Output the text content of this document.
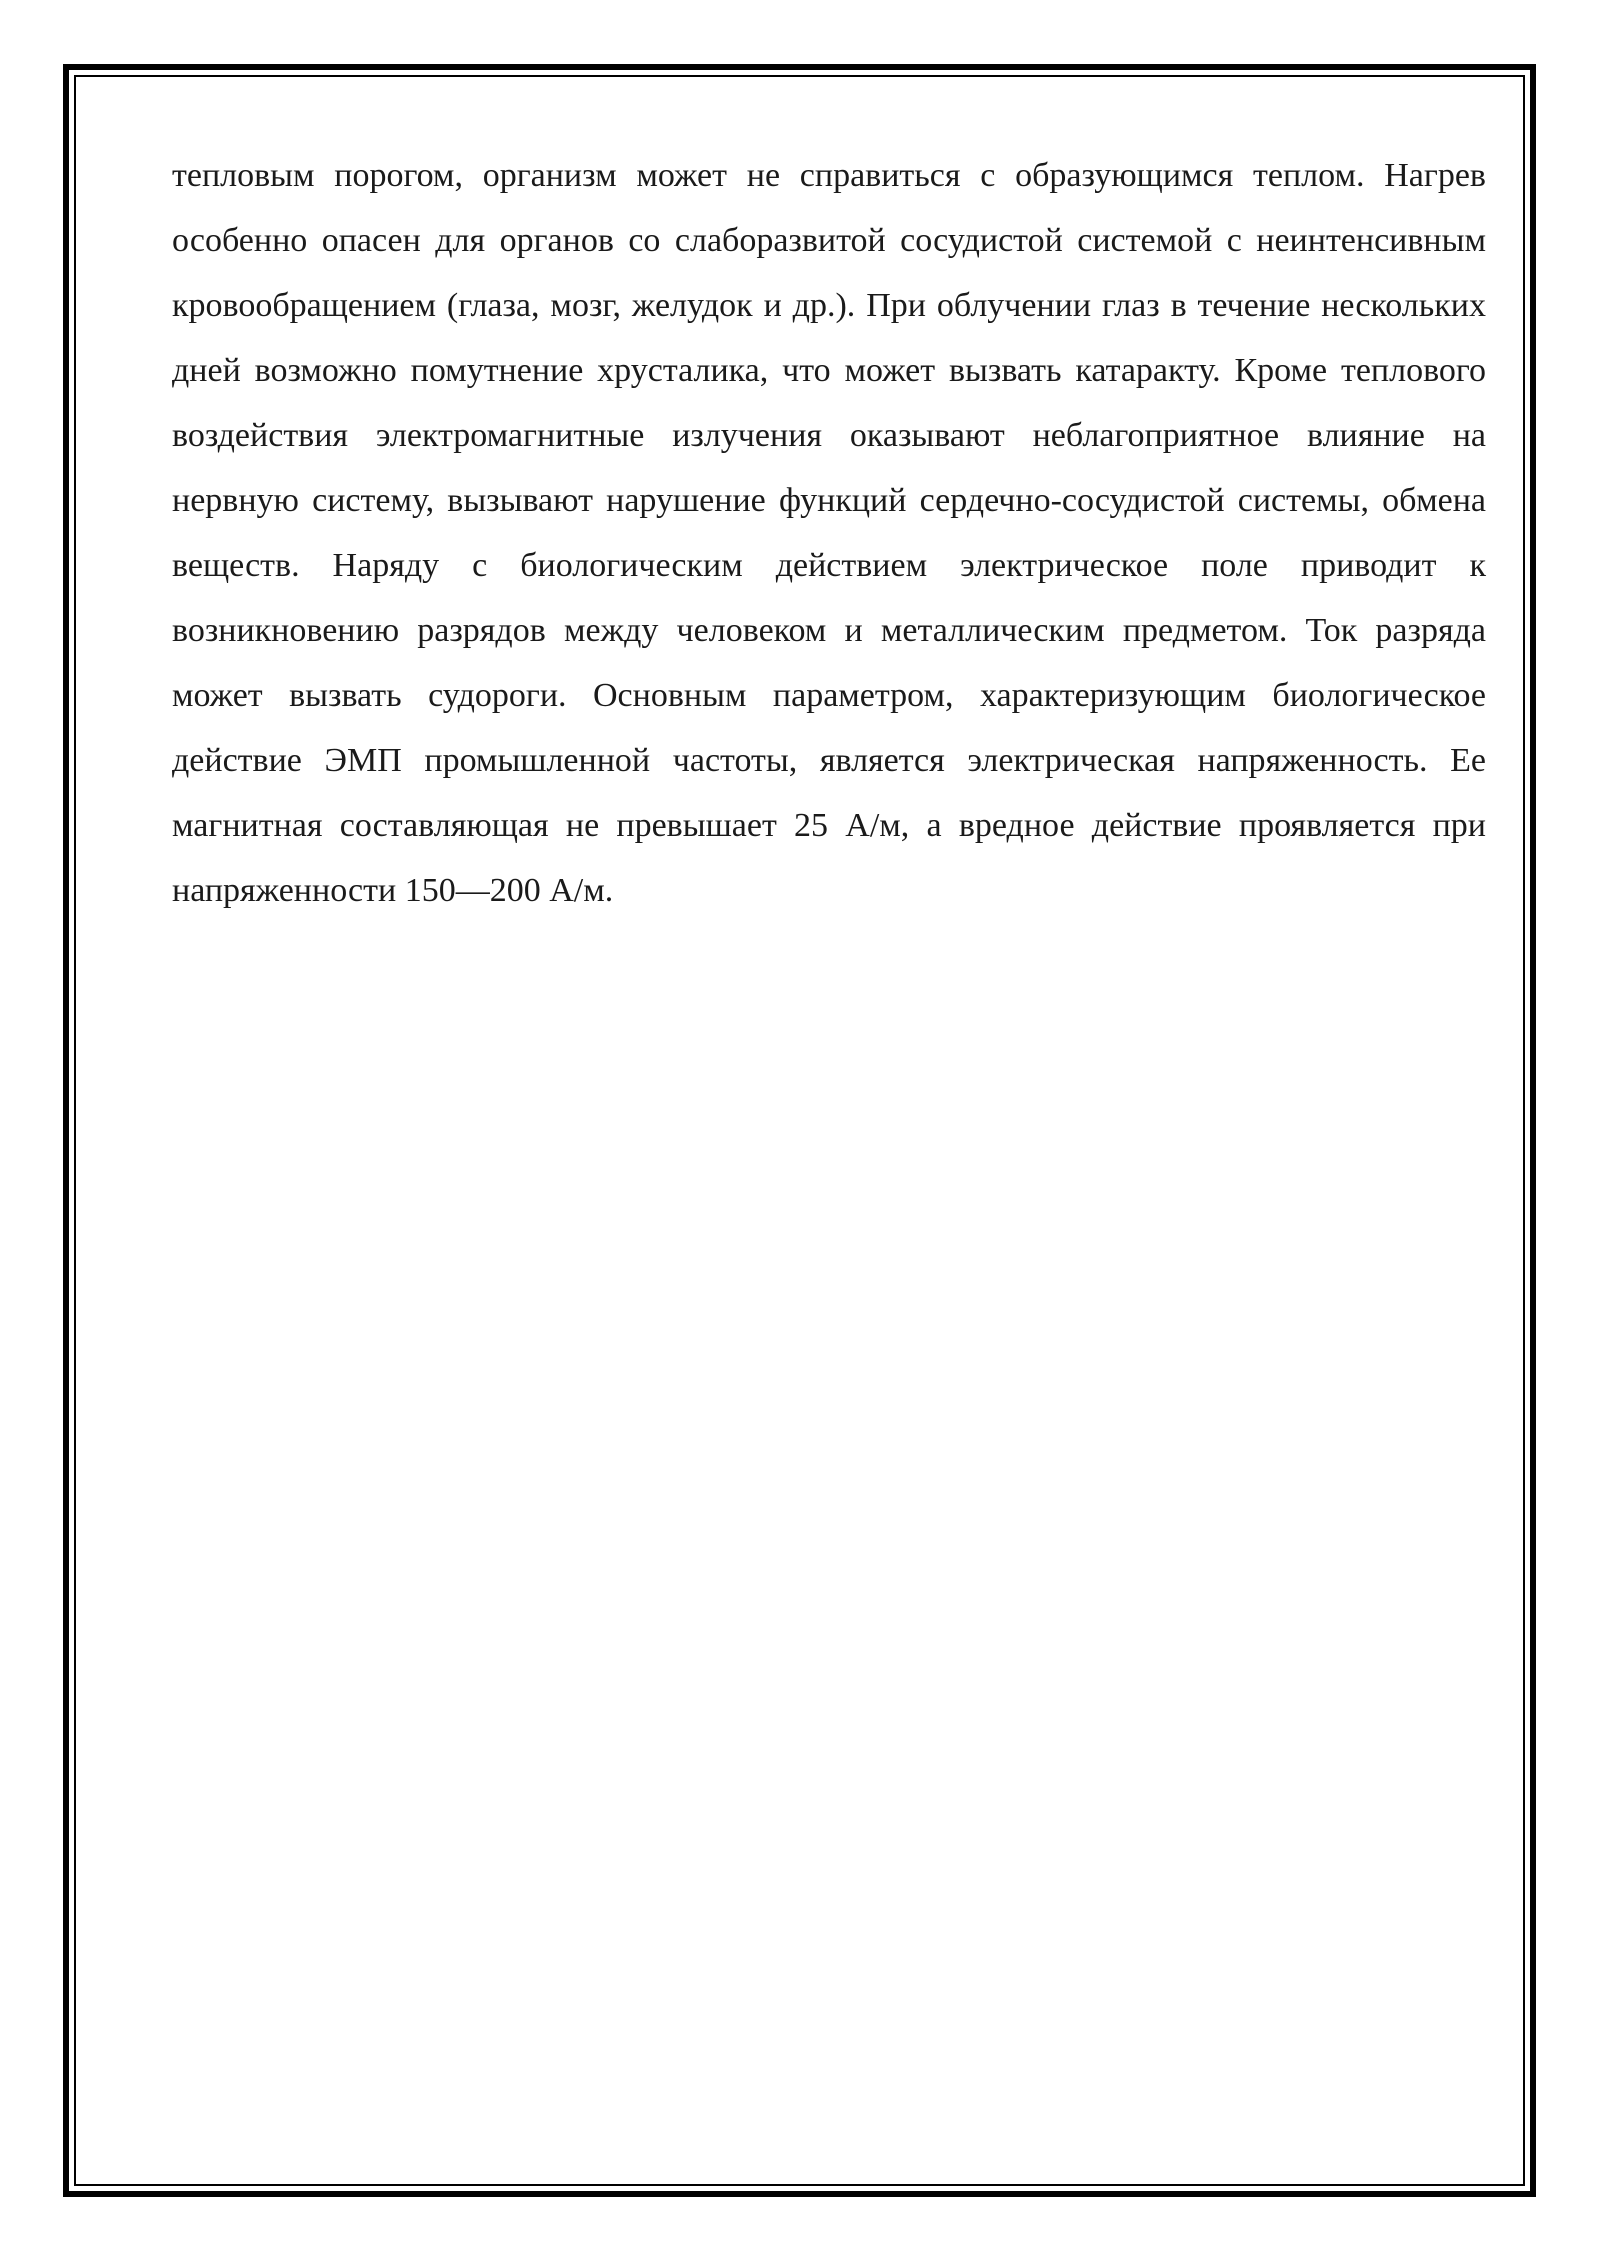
тепловым порогом, организм может не справиться с образующимся теплом. Нагрев особенно опасен для органов со слаборазвитой сосудистой системой с неинтенсивным кровообращением (глаза, мозг, желудок и др.). При облучении глаз в течение нескольких дней возможно помутнение хрусталика, что может вызвать катаракту. Кроме теплового воздействия электромагнитные излучения оказывают неблагоприятное влияние на нервную систему, вызывают нарушение функций сердечно-сосудистой системы, обмена веществ. Наряду с биологическим действием электрическое поле приводит к возникновению разрядов между человеком и металлическим предметом. Ток разряда может вызвать судороги. Основным параметром, характеризующим биологическое действие ЭМП промышленной частоты, является электрическая напряженность. Ее магнитная составляющая не превышает 25 А/м, а вредное действие проявляется при напряженности 150—200 А/м.
